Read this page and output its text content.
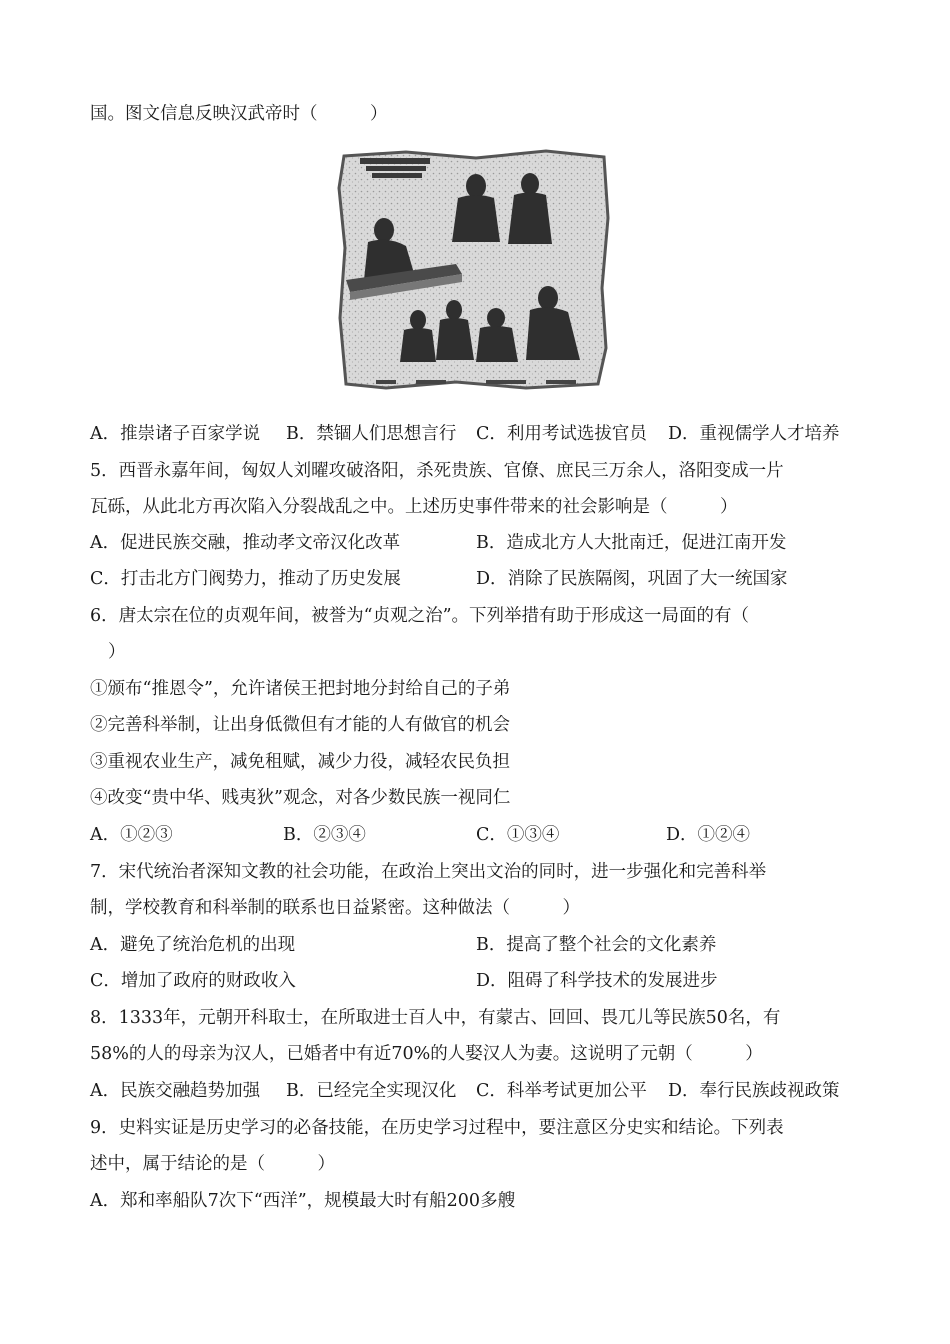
国。图文信息反映汉武帝时（　　　）
A．推崇诸子百家学说 B．禁锢人们思想言行 C．利用考试选拔官员 D．重视儒学人才培养
5．西晋永嘉年间，匈奴人刘曜攻破洛阳，杀死贵族、官僚、庶民三万余人，洛阳变成一片
瓦砾，从此北方再次陷入分裂战乱之中。上述历史事件带来的社会影响是（　　　）
A．促进民族交融，推动孝文帝汉化改革	B．造成北方人大批南迁，促进江南开发
C．打击北方门阀势力，推动了历史发展	D．消除了民族隔阂，巩固了大一统国家
6．唐太宗在位的贞观年间，被誉为“贞观之治”。下列举措有助于形成这一局面的有（
）
①颁布“推恩令”，允许诸侯王把封地分封给自己的子弟
②完善科举制，让出身低微但有才能的人有做官的机会
③重视农业生产，减免租赋，减少力役，减轻农民负担
④改变“贵中华、贱夷狄”观念，对各少数民族一视同仁
A．①②③	B．②③④	C．①③④	D．①②④
7．宋代统治者深知文教的社会功能，在政治上突出文治的同时，进一步强化和完善科举
制，学校教育和科举制的联系也日益紧密。这种做法（　　　）
A．避免了统治危机的出现	B．提高了整个社会的文化素养
C．增加了政府的财政收入	D．阻碍了科学技术的发展进步
8．1333年，元朝开科取士，在所取进士百人中，有蒙古、回回、畏兀儿等民族50名，有
58%的人的母亲为汉人，已婚者中有近70%的人娶汉人为妻。这说明了元朝（　　　）
A．民族交融趋势加强 B．已经完全实现汉化 C．科举考试更加公平 D．奉行民族歧视政策
9．史料实证是历史学习的必备技能，在历史学习过程中，要注意区分史实和结论。下列表
述中，属于结论的是（　　　）
A．郑和率船队7次下“西洋”，规模最大时有船200多艘
